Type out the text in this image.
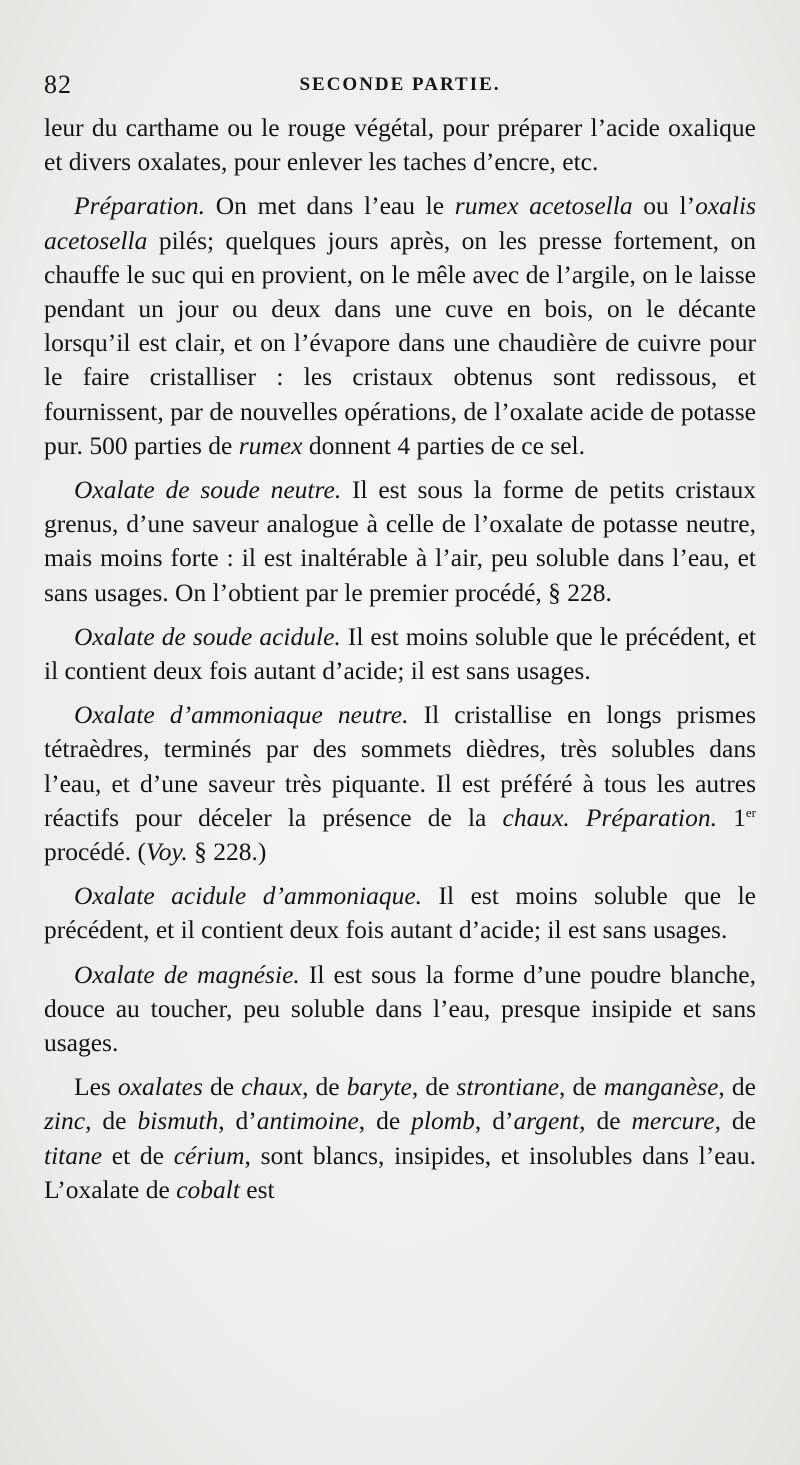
82	SECONDE PARTIE.

leur du carthame ou le rouge végétal, pour préparer l’acide oxalique et divers oxalates, pour enlever les taches d’encre, etc.

Préparation. On met dans l’eau le rumex acetosella ou l’oxalis acetosella pilés; quelques jours après, on les presse fortement, on chauffe le suc qui en provient, on le mêle avec de l’argile, on le laisse pendant un jour ou deux dans une cuve en bois, on le décante lorsqu’il est clair, et on l’évapore dans une chaudière de cuivre pour le faire cristalliser : les cristaux obtenus sont redissous, et fournissent, par de nouvelles opérations, de l’oxalate acide de potasse pur. 500 parties de rumex donnent 4 parties de ce sel.

Oxalate de soude neutre. Il est sous la forme de petits cristaux grenus, d’une saveur analogue à celle de l’oxalate de potasse neutre, mais moins forte : il est inaltérable à l’air, peu soluble dans l’eau, et sans usages. On l’obtient par le premier procédé, § 228.

Oxalate de soude acidule. Il est moins soluble que le précédent, et il contient deux fois autant d’acide; il est sans usages.

Oxalate d’ammoniaque neutre. Il cristallise en longs prismes tétraèdres, terminés par des sommets dièdres, très solubles dans l’eau, et d’une saveur très piquante. Il est préféré à tous les autres réactifs pour déceler la présence de la chaux. Préparation. 1er procédé. (Voy. § 228.)

Oxalate acidule d’ammoniaque. Il est moins soluble que le précédent, et il contient deux fois autant d’acide; il est sans usages.

Oxalate de magnésie. Il est sous la forme d’une poudre blanche, douce au toucher, peu soluble dans l’eau, presque insipide et sans usages.

Les oxalates de chaux, de baryte, de strontiane, de manganèse, de zinc, de bismuth, d’antimoine, de plomb, d’argent, de mercure, de titane et de cérium, sont blancs, insipides, et insolubles dans l’eau. L’oxalate de cobalt est
